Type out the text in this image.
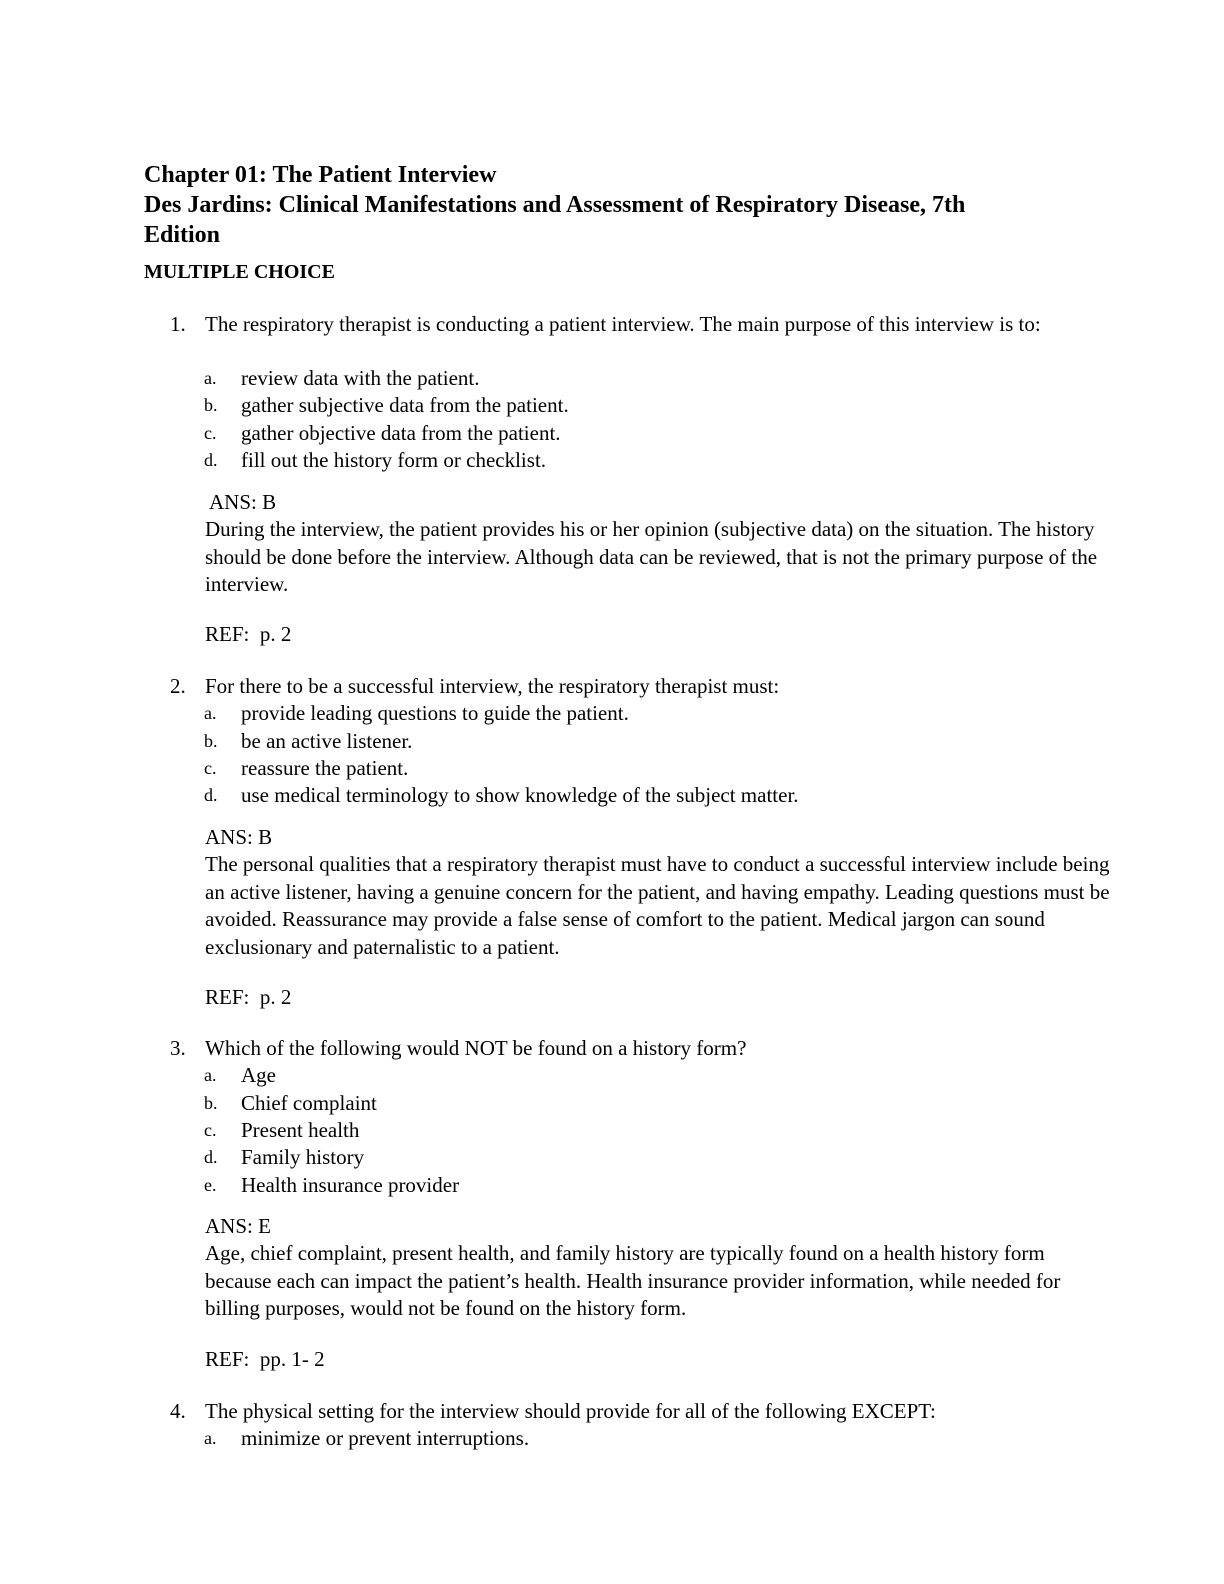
Chapter 01: The Patient Interview
Des Jardins: Clinical Manifestations and Assessment of Respiratory Disease, 7th
Edition
MULTIPLE CHOICE
1. The respiratory therapist is conducting a patient interview. The main purpose of this interview is to:
a. review data with the patient.
b. gather subjective data from the patient.
c. gather objective data from the patient.
d. fill out the history form or checklist.
ANS: B
During the interview, the patient provides his or her opinion (subjective data) on the situation. The history should be done before the interview. Although data can be reviewed, that is not the primary purpose of the interview.
REF:  p. 2
2. For there to be a successful interview, the respiratory therapist must:
a. provide leading questions to guide the patient.
b. be an active listener.
c. reassure the patient.
d. use medical terminology to show knowledge of the subject matter.
ANS: B
The personal qualities that a respiratory therapist must have to conduct a successful interview include being an active listener, having a genuine concern for the patient, and having empathy. Leading questions must be avoided. Reassurance may provide a false sense of comfort to the patient. Medical jargon can sound exclusionary and paternalistic to a patient.
REF:  p. 2
3. Which of the following would NOT be found on a history form?
a. Age
b. Chief complaint
c. Present health
d. Family history
e. Health insurance provider
ANS: E
Age, chief complaint, present health, and family history are typically found on a health history form because each can impact the patient’s health. Health insurance provider information, while needed for billing purposes, would not be found on the history form.
REF:  pp. 1- 2
4. The physical setting for the interview should provide for all of the following EXCEPT:
a. minimize or prevent interruptions.
